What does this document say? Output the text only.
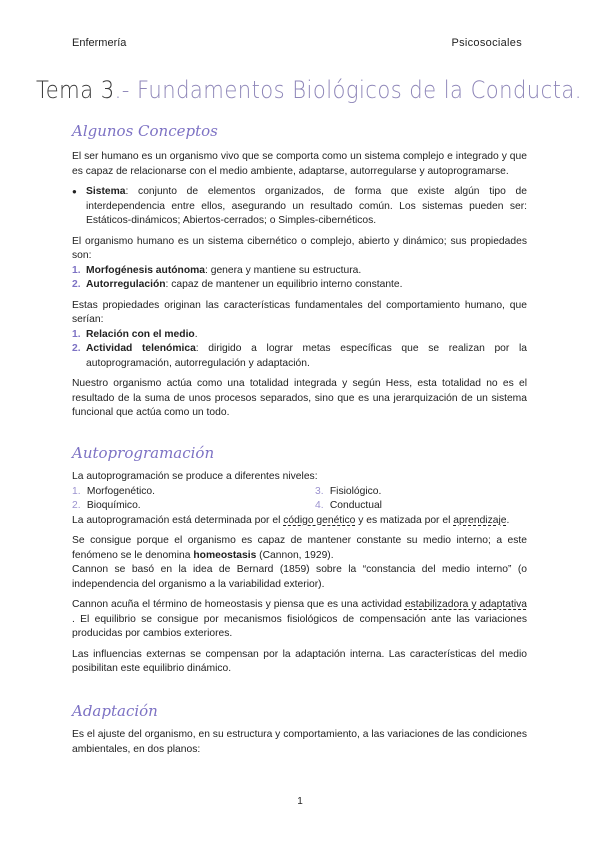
Enfermería	Psicosociales
Tema 3.- Fundamentos Biológicos de la Conducta.
Algunos Conceptos

El ser humano es un organismo vivo que se comporta como un sistema complejo e integrado y que es capaz de relacionarse con el medio ambiente, adaptarse, autorregularse y autoprogramarse.

● Sistema: conjunto de elementos organizados, de forma que existe algún tipo de interdependencia entre ellos, asegurando un resultado común. Los sistemas pueden ser: Estáticos-dinámicos; Abiertos-cerrados; o Simples-cibernéticos.

El organismo humano es un sistema cibernético o complejo, abierto y dinámico; sus propiedades son:

1. Morfogénesis autónoma: genera y mantiene su estructura.
2. Autorregulación: capaz de mantener un equilibrio interno constante.

Estas propiedades originan las características fundamentales del comportamiento humano, que serían:

1. Relación con el medio.
2. Actividad telenómica: dirigido a lograr metas específicas que se realizan por la autoprogramación, autorregulación y adaptación.

Nuestro organismo actúa como una totalidad integrada y según Hess, esta totalidad no es el resultado de la suma de unos procesos separados, sino que es una jerarquización de un sistema funcional que actúa como un todo.

Autoprogramación

La autoprogramación se produce a diferentes niveles:

1. Morfogenético.	3. Fisiológico.
2. Bioquímico.	4. Conductual

La autoprogramación está determinada por el código genético y es matizada por el aprendizaje.

Se consigue porque el organismo es capaz de mantener constante su medio interno; a este fenómeno se le denomina homeostasis (Cannon, 1929).

Cannon se basó en la idea de Bernard (1859) sobre la “constancia del medio interno” (o independencia del organismo a la variabilidad exterior).

Cannon acuña el término de homeostasis y piensa que es una actividad estabilizadora y adaptativa . El equilibrio se consigue por mecanismos fisiológicos de compensación ante las variaciones producidas por cambios exteriores.

Las influencias externas se compensan por la adaptación interna. Las características del medio posibilitan este equilibrio dinámico.

Adaptación

Es el ajuste del organismo, en su estructura y comportamiento, a las variaciones de las condiciones ambientales, en dos planos:

1
